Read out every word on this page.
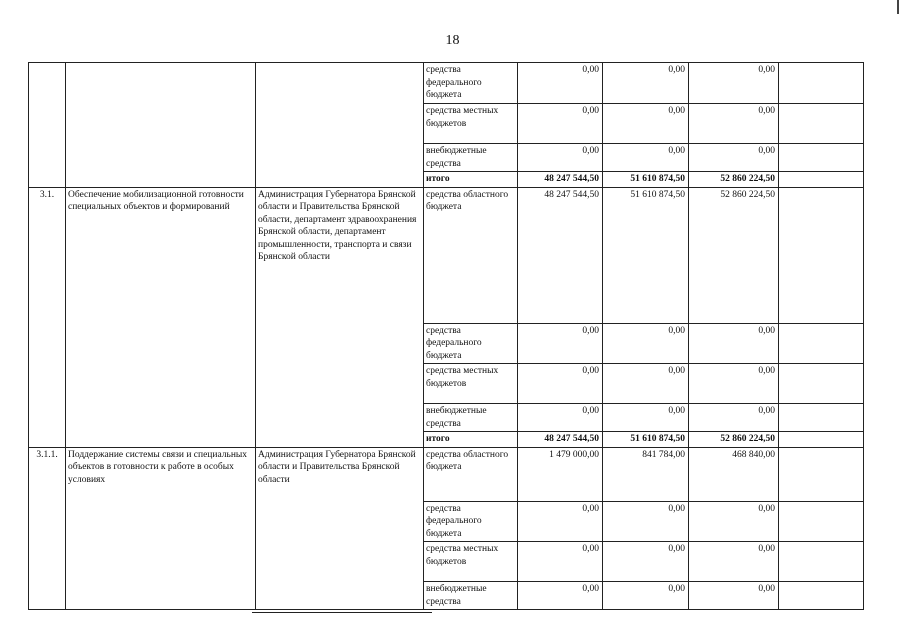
18
			средства федерального бюджета	0,00	0,00	0,00	
			средства местных бюджетов	0,00	0,00	0,00	
			внебюджетные средства	0,00	0,00	0,00	
			итого	48 247 544,50	51 610 874,50	52 860 224,50	
3.1.	Обеспечение мобилизационной готовности специальных объектов и формирований	Администрация Губернатора Брянской области и Правительства Брянской области, департамент здравоохранения Брянской области, департамент промышленности, транспорта и связи Брянской области	средства областного бюджета	48 247 544,50	51 610 874,50	52 860 224,50	
			средства федерального бюджета	0,00	0,00	0,00	
			средства местных бюджетов	0,00	0,00	0,00	
			внебюджетные средства	0,00	0,00	0,00	
			итого	48 247 544,50	51 610 874,50	52 860 224,50	
3.1.1.	Поддержание системы связи и специальных объектов в готовности к работе в особых условиях	Администрация Губернатора Брянской области и Правительства Брянской области	средства областного бюджета	1 479 000,00	841 784,00	468 840,00	
			средства федерального бюджета	0,00	0,00	0,00	
			средства местных бюджетов	0,00	0,00	0,00	
			внебюджетные средства	0,00	0,00	0,00	
